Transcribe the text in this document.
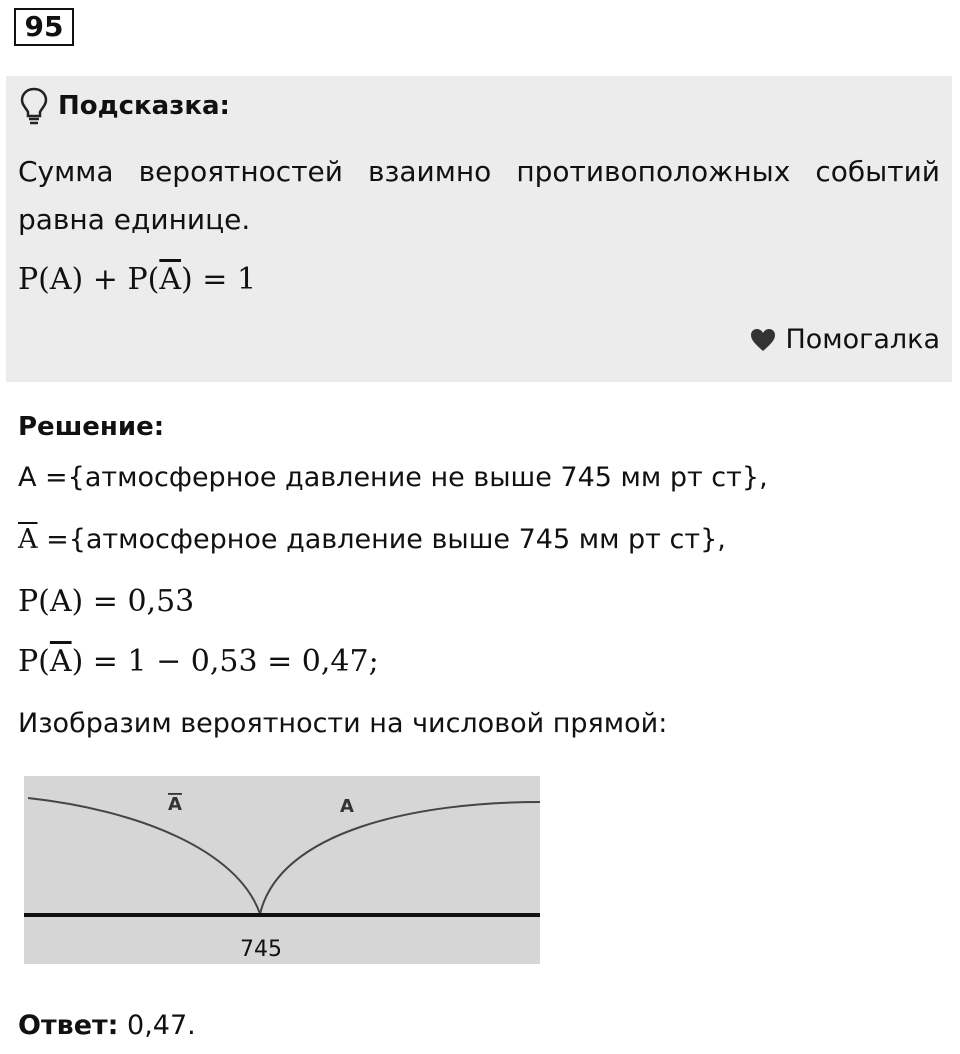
95
Подсказка:
Сумма вероятностей взаимно противоположных событий равна единице.
$P(A) + P(\overline{A}) = 1$
Помогалка
Решение:
A ={атмосферное давление не выше 745 мм рт ст},
$\overline{A}$ ={атмосферное давление выше 745 мм рт ст},
P(A) = 0,53
$P(\overline{A}) = 1 - 0,53 = 0,47$;
Изобразим вероятности на числовой прямой:
A	A
745
Ответ: 0,47.
